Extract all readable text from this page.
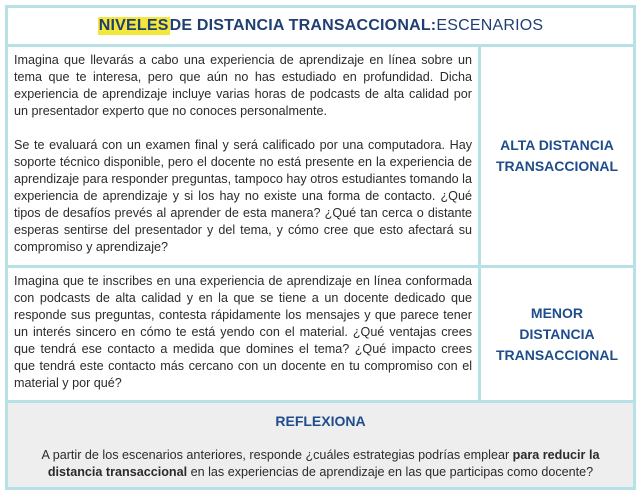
NIVELES DE DISTANCIA TRANSACCIONAL: ESCENARIOS

Imagina que llevarás a cabo una experiencia de aprendizaje en línea sobre un tema que te interesa, pero que aún no has estudiado en profundidad. Dicha experiencia de aprendizaje incluye varias horas de podcasts de alta calidad por un presentador experto que no conoces personalmente.

Se te evaluará con un examen final y será calificado por una computadora. Hay soporte técnico disponible, pero el docente no está presente en la experiencia de aprendizaje para responder preguntas, tampoco hay otros estudiantes tomando la experiencia de aprendizaje y si los hay no existe una forma de contacto. ¿Qué tipos de desafíos prevés al aprender de esta manera? ¿Qué tan cerca o distante esperas sentirse del presentador y del tema, y cómo cree que esto afectará su compromiso y aprendizaje?

ALTA DISTANCIA
TRANSACCIONAL

Imagina que te inscribes en una experiencia de aprendizaje en línea conformada con podcasts de alta calidad y en la que se tiene a un docente dedicado que responde sus preguntas, contesta rápidamente los mensajes y que parece tener un interés sincero en cómo te está yendo con el material. ¿Qué ventajas crees que tendrá ese contacto a medida que domines el tema? ¿Qué impacto crees que tendrá este contacto más cercano con un docente en tu compromiso con el material y por qué?

MENOR
DISTANCIA
TRANSACCIONAL
REFLEXIONA
A partir de los escenarios anteriores, responde ¿cuáles estrategias podrías emplear para reducir la distancia transaccional en las experiencias de aprendizaje en las que participas como docente?
